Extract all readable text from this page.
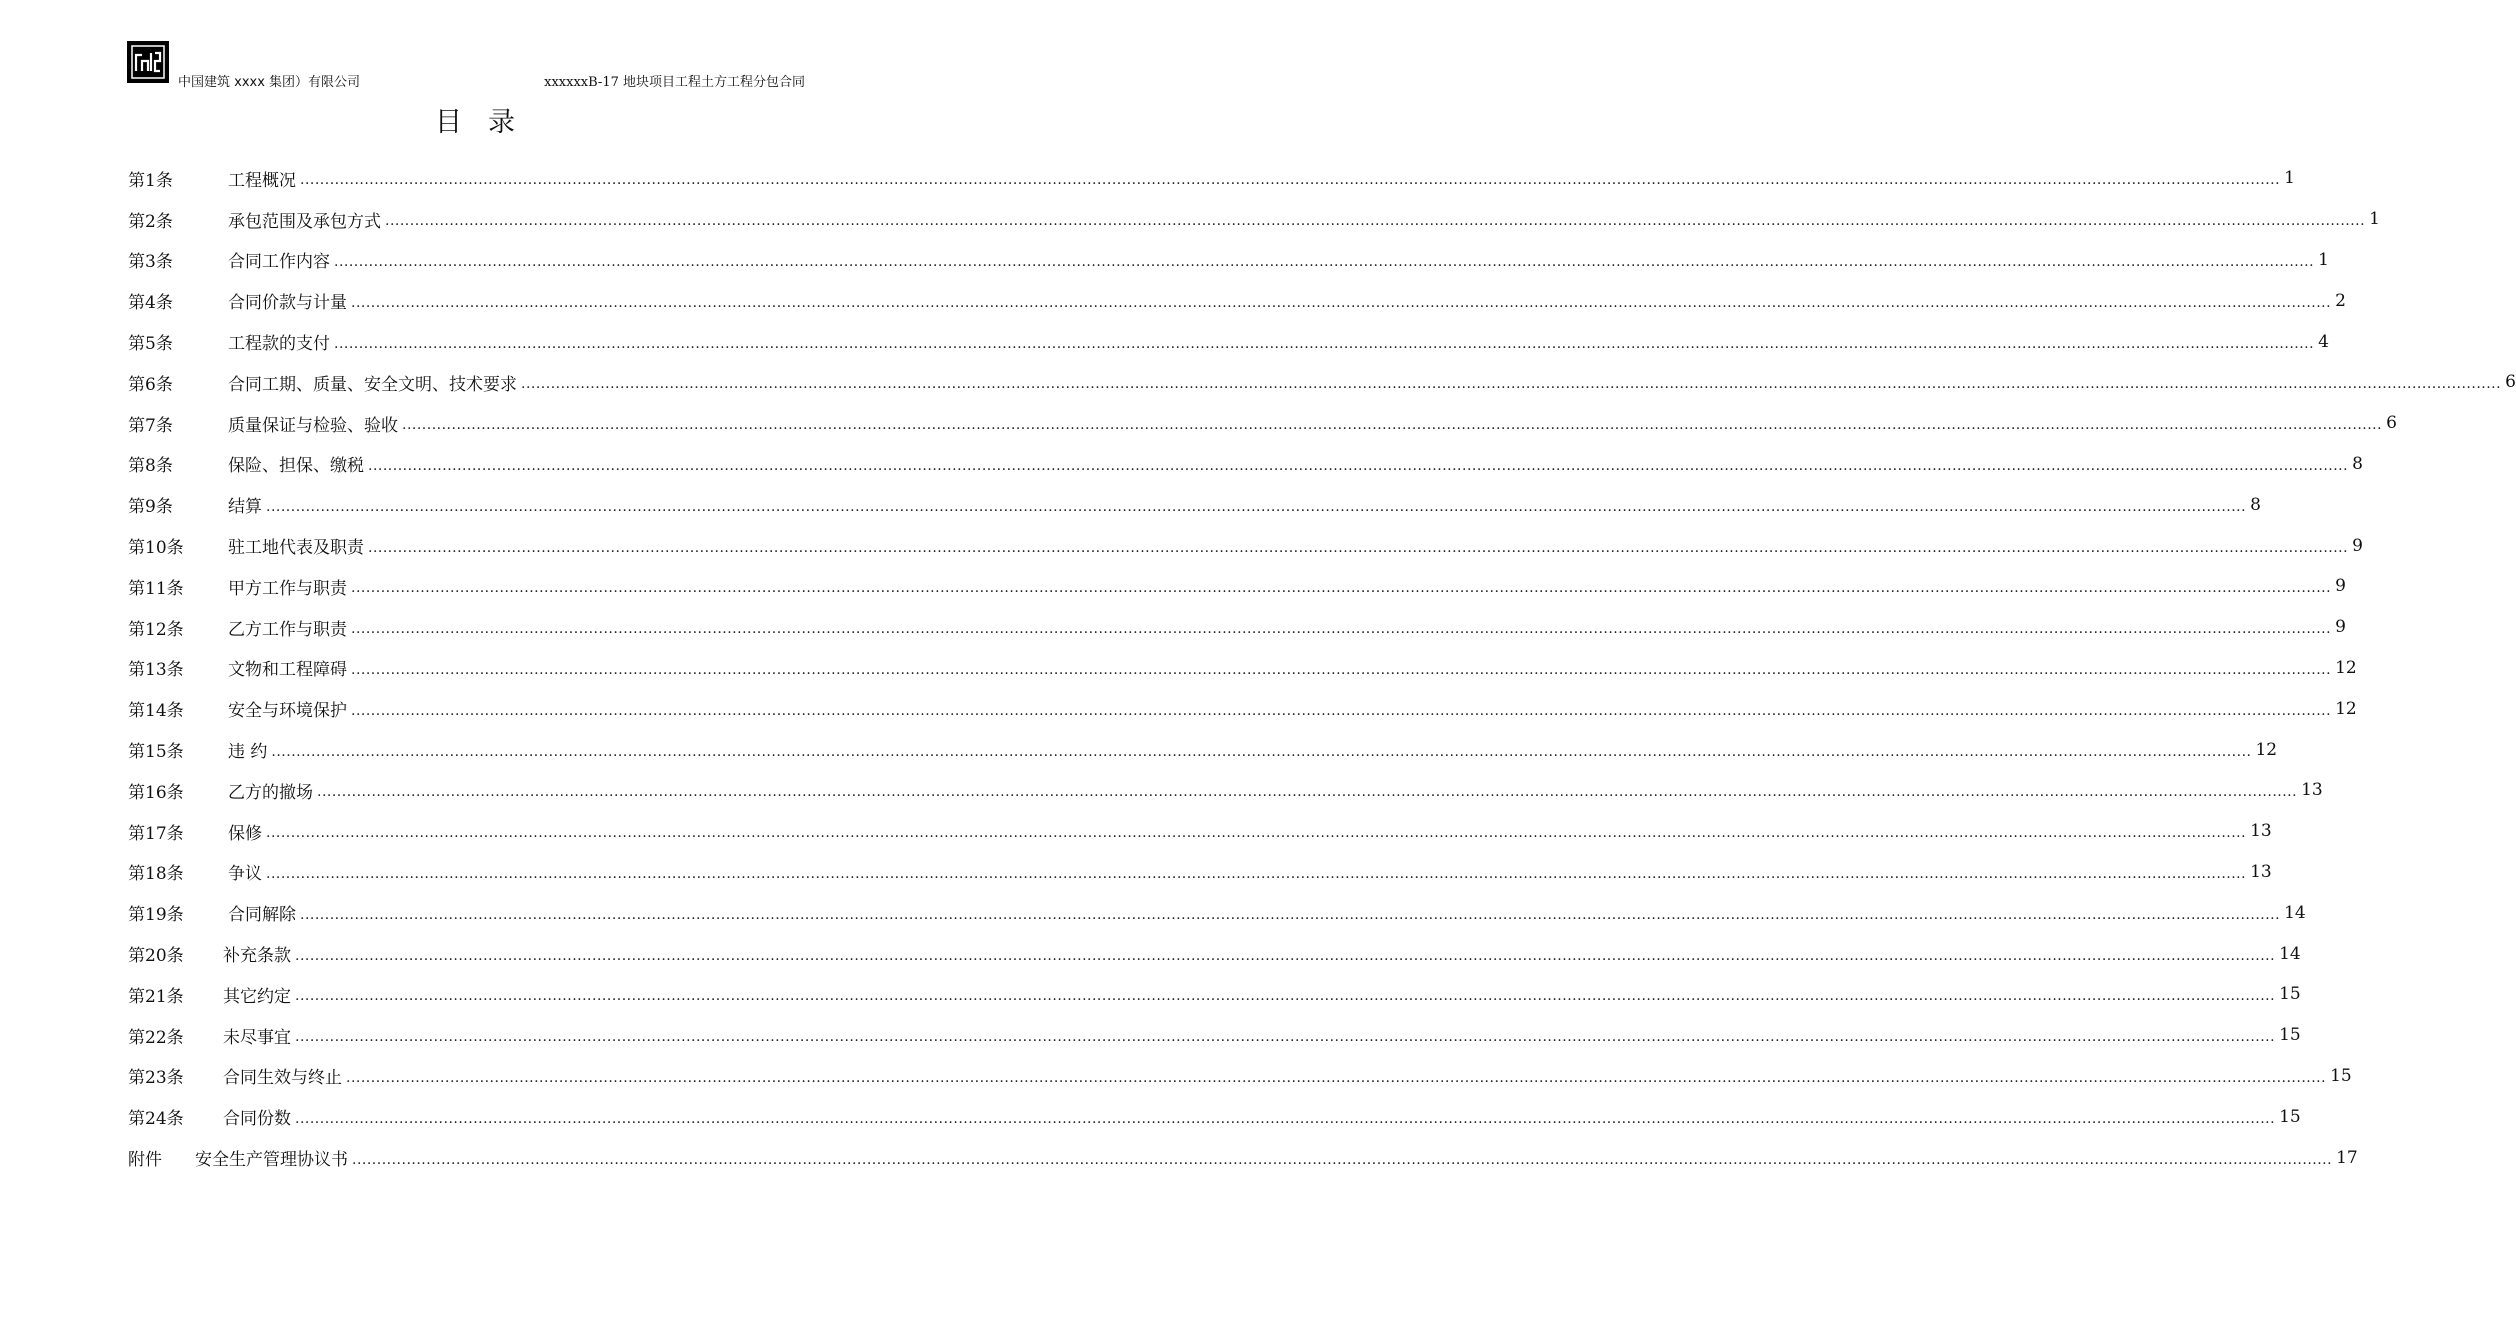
中国建筑 xxxx 集团）有限公司	xxxxxxB-17 地块项目工程土方工程分包合同
目录
第1条	工程概况 ................................................................................................................................................................................................................................................................................................................................................................................................................ 1
第2条	承包范围及承包方式 ................................................................................................................................................................................................................................................................................................................................................................................................................ 1
第3条	合同工作内容 ................................................................................................................................................................................................................................................................................................................................................................................................................ 1
第4条	合同价款与计量 ................................................................................................................................................................................................................................................................................................................................................................................................................ 2
第5条	工程款的支付 ................................................................................................................................................................................................................................................................................................................................................................................................................ 4
第6条	合同工期、质量、安全文明、技术要求 ................................................................................................................................................................................................................................................................................................................................................................................................................ 6
第7条	质量保证与检验、验收 ................................................................................................................................................................................................................................................................................................................................................................................................................ 6
第8条	保险、担保、缴税 ................................................................................................................................................................................................................................................................................................................................................................................................................ 8
第9条	结算 ................................................................................................................................................................................................................................................................................................................................................................................................................ 8
第10条	驻工地代表及职责 ................................................................................................................................................................................................................................................................................................................................................................................................................ 9
第11条	甲方工作与职责 ................................................................................................................................................................................................................................................................................................................................................................................................................ 9
第12条	乙方工作与职责 ................................................................................................................................................................................................................................................................................................................................................................................................................ 9
第13条	文物和工程障碍 ................................................................................................................................................................................................................................................................................................................................................................................................................ 12
第14条	安全与环境保护 ................................................................................................................................................................................................................................................................................................................................................................................................................ 12
第15条	违 约 ................................................................................................................................................................................................................................................................................................................................................................................................................ 12
第16条	乙方的撤场 ................................................................................................................................................................................................................................................................................................................................................................................................................ 13
第17条	保修 ................................................................................................................................................................................................................................................................................................................................................................................................................ 13
第18条	争议 ................................................................................................................................................................................................................................................................................................................................................................................................................ 13
第19条	合同解除 ................................................................................................................................................................................................................................................................................................................................................................................................................ 14
第20条	补充条款 ................................................................................................................................................................................................................................................................................................................................................................................................................ 14
第21条	其它约定 ................................................................................................................................................................................................................................................................................................................................................................................................................ 15
第22条	未尽事宜 ................................................................................................................................................................................................................................................................................................................................................................................................................ 15
第23条	合同生效与终止 ................................................................................................................................................................................................................................................................................................................................................................................................................ 15
第24条	合同份数 ................................................................................................................................................................................................................................................................................................................................................................................................................ 15
附件	安全生产管理协议书 ................................................................................................................................................................................................................................................................................................................................................................................................................ 17
